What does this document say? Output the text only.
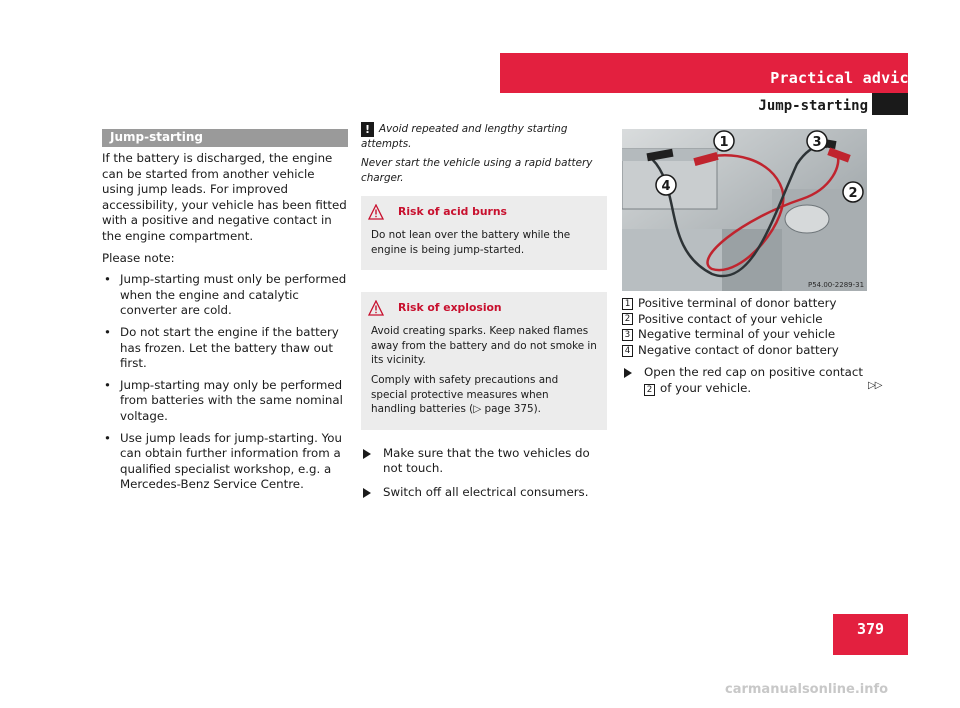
Practical advice
Jump-starting
Jump-starting

If the battery is discharged, the engine can be started from another vehicle using jump leads. For improved accessibility, your vehicle has been fitted with a positive and negative contact in the engine compartment.

Please note:

• Jump-starting must only be performed when the engine and catalytic converter are cold.
• Do not start the engine if the battery has frozen. Let the battery thaw out first.
• Jump-starting may only be performed from batteries with the same nominal voltage.
• Use jump leads for jump-starting. You can obtain further information from a qualified specialist workshop, e.g. a Mercedes-Benz Service Centre.

! Avoid repeated and lengthy starting attempts.

Never start the vehicle using a rapid battery charger.

Risk of acid burns

Do not lean over the battery while the engine is being jump-started.

Risk of explosion

Avoid creating sparks. Keep naked flames away from the battery and do not smoke in its vicinity.

Comply with safety precautions and special protective measures when handling batteries (▷ page 375).

Make sure that the two vehicles do not touch.
Switch off all electrical consumers.
1
2
3
4
P54.00-2289-31
1 Positive terminal of donor battery
2 Positive contact of your vehicle
3 Negative terminal of your vehicle
4 Negative contact of donor battery
Open the red cap on positive contact
2 of your vehicle.	▷▷
379
carmanualsonline.info
